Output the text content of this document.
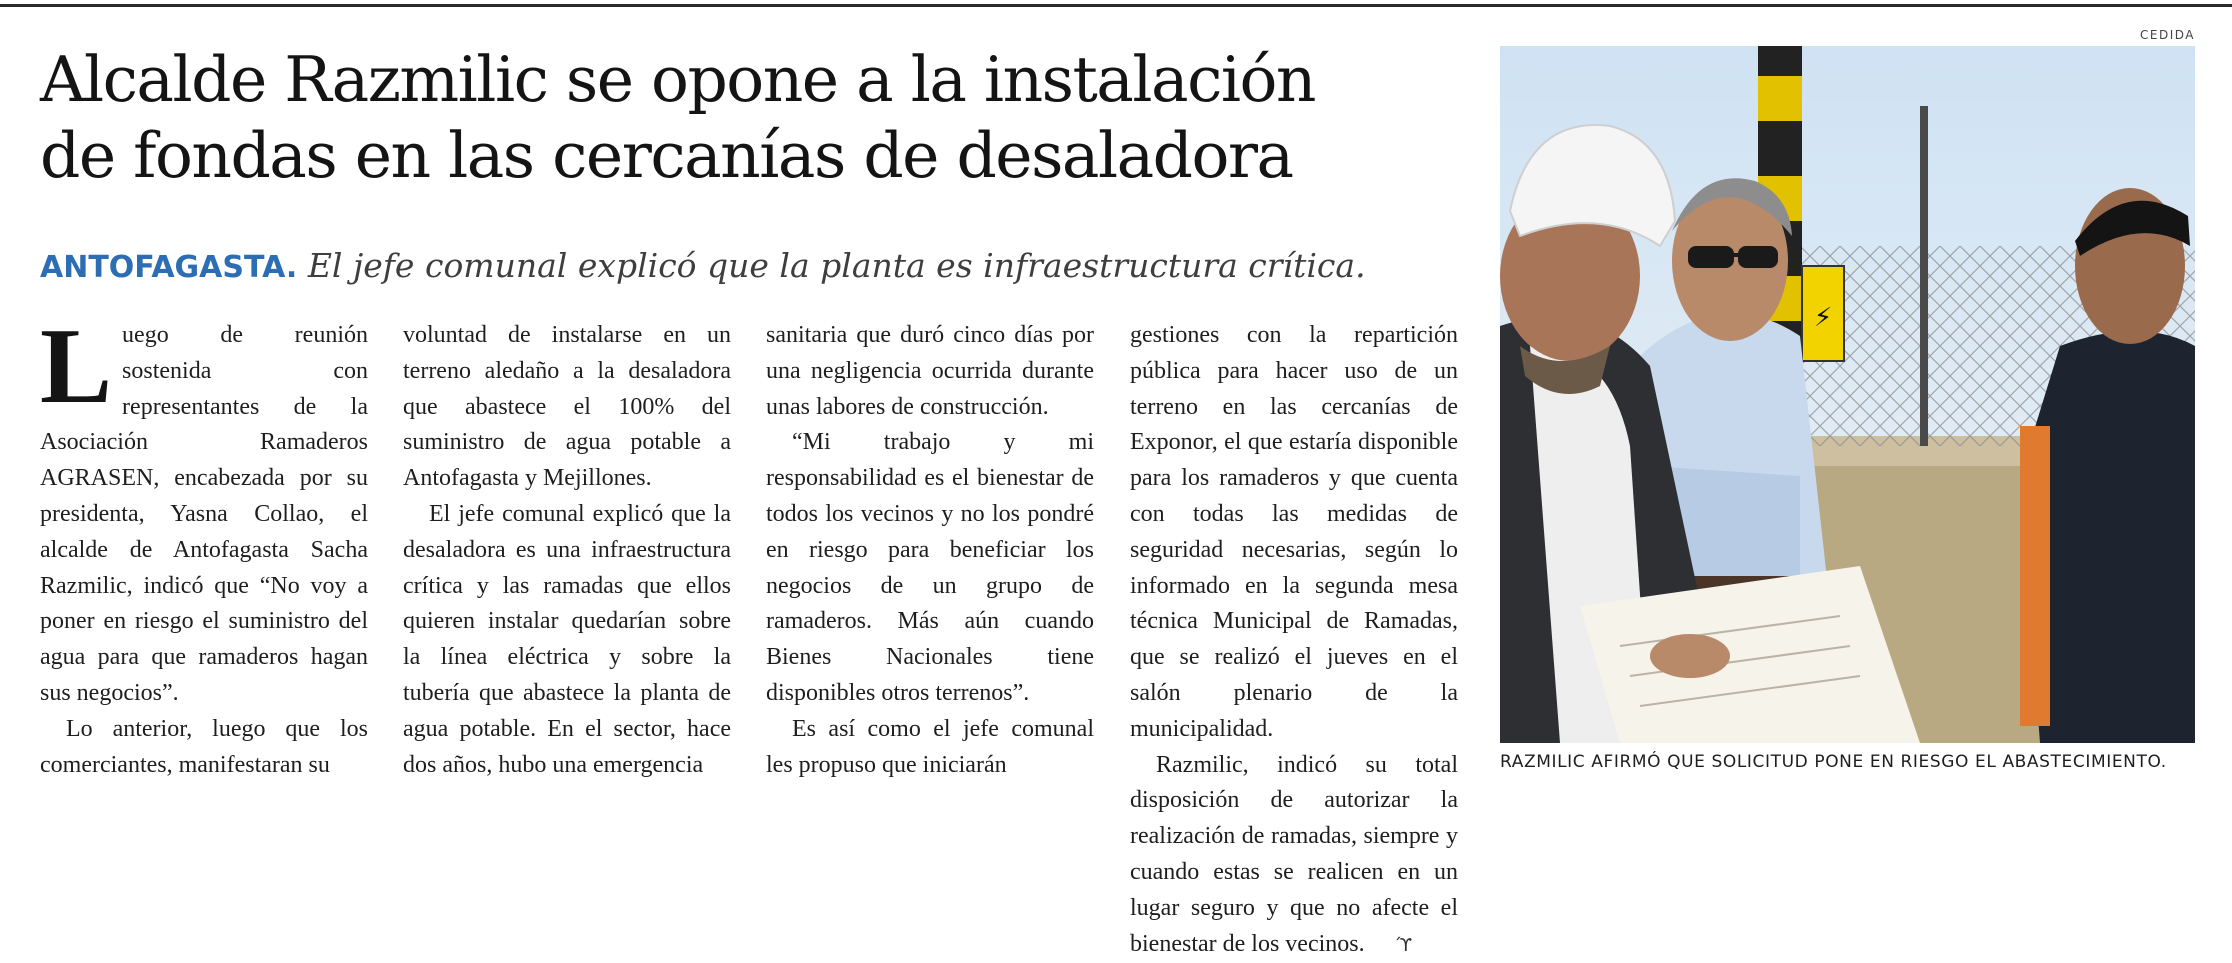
Alcalde Razmilic se opone a la instalación
de fondas en las cercanías de desaladora
ANTOFAGASTA. El jefe comunal explicó que la planta es infraestructura crítica.

Luego de reunión sostenida con representantes de la Asociación Ramaderos AGRASEN, encabezada por su presidenta, Yasna Collao, el alcalde de Antofagasta Sacha Razmilic, indicó que “No voy a poner en riesgo el suministro del agua para que ramaderos hagan sus negocios”.

Lo anterior, luego que los comerciantes, manifestaran su

voluntad de instalarse en un terreno aledaño a la desaladora que abastece el 100% del suministro de agua potable a Antofagasta y Mejillones.

El jefe comunal explicó que la desaladora es una infraestructura crítica y las ramadas que ellos quieren instalar quedarían sobre la línea eléctrica y sobre la tubería que abastece la planta de agua potable. En el sector, hace dos años, hubo una emergencia

sanitaria que duró cinco días por una negligencia ocurrida durante unas labores de construcción.

“Mi trabajo y mi responsabilidad es el bienestar de todos los vecinos y no los pondré en riesgo para beneficiar los negocios de un grupo de ramaderos. Más aún cuando Bienes Nacionales tiene disponibles otros terrenos”.

Es así como el jefe comunal les propuso que iniciarán

gestiones con la repartición pública para hacer uso de un terreno en las cercanías de Exponor, el que estaría disponible para los ramaderos y que cuenta con todas las medidas de seguridad necesarias, según lo informado en la segunda mesa técnica Municipal de Ramadas, que se realizó el jueves en el salón plenario de la municipalidad.

Razmilic, indicó su total disposición de autorizar la realización de ramadas, siempre y cuando estas se realicen en un lugar seguro y que no afecte el bienestar de los vecinos. ϓ

CEDIDA
⚡
RAZMILIC AFIRMÓ QUE SOLICITUD PONE EN RIESGO EL ABASTECIMIENTO.
